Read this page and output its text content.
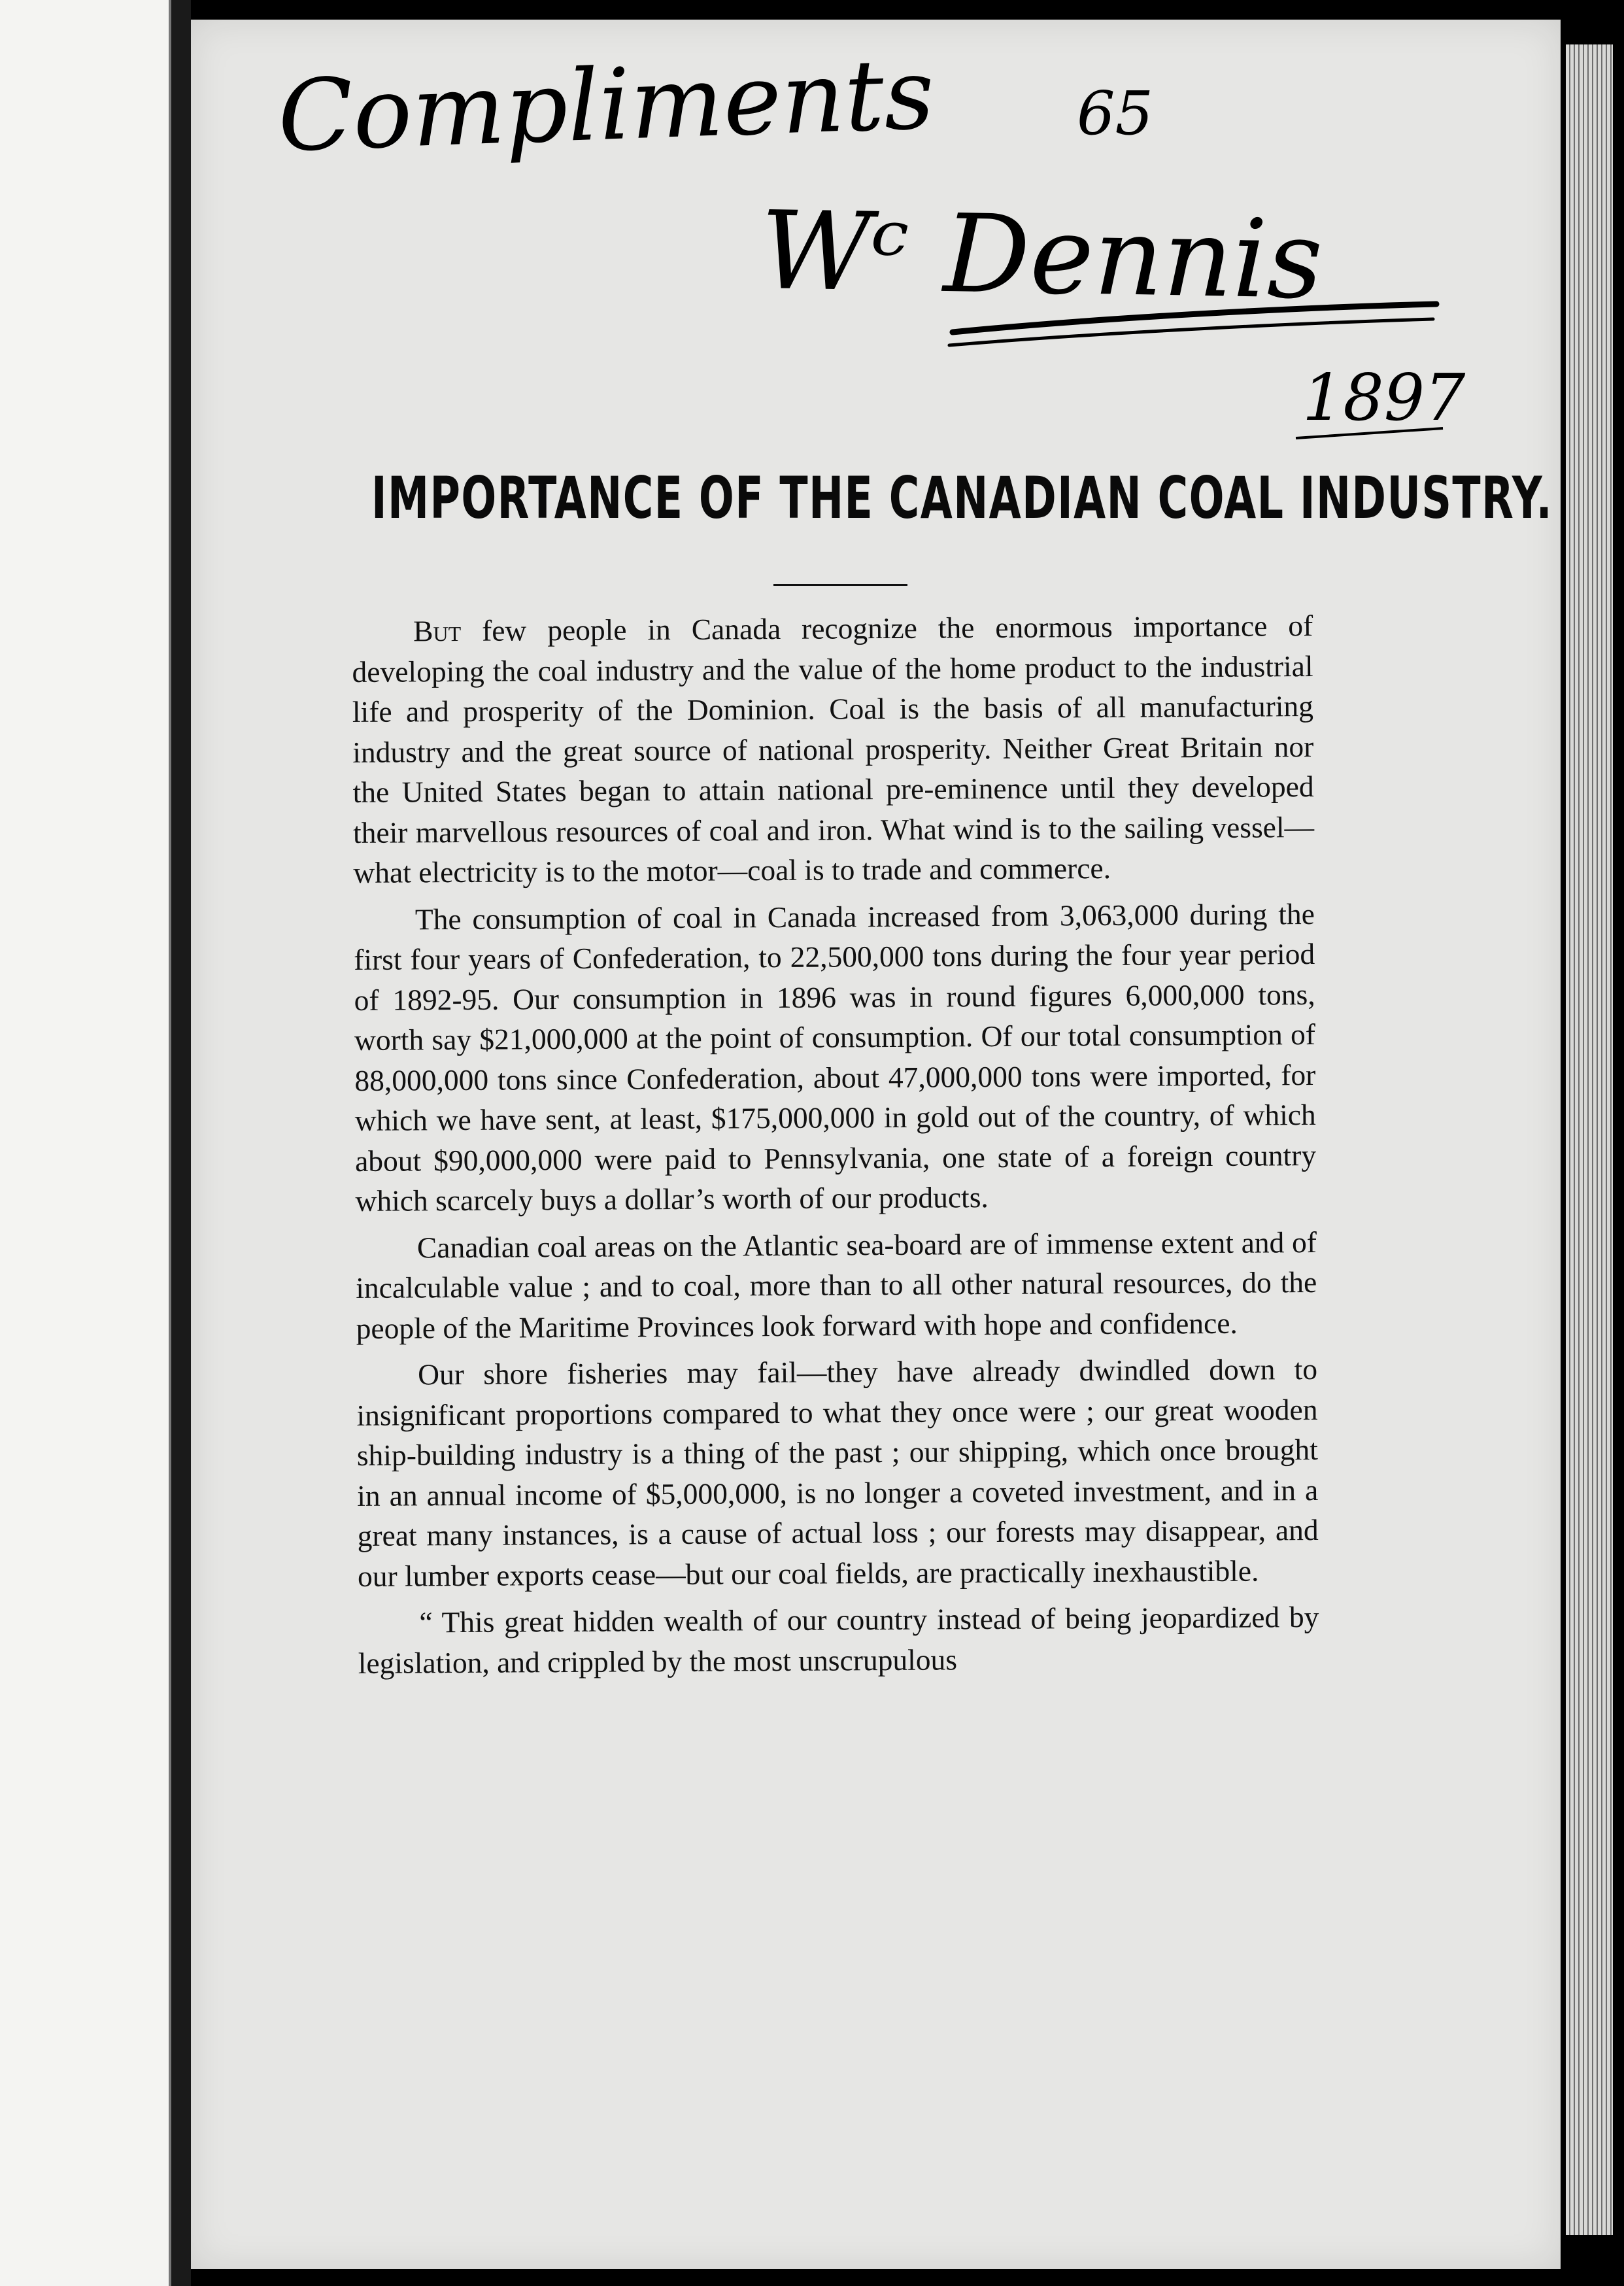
Compliments 65
Wᶜ Dennis
1897
IMPORTANCE OF THE CANADIAN COAL INDUSTRY.

But few people in Canada recognize the enormous importance of developing the coal industry and the value of the home product to the industrial life and prosperity of the Dominion. Coal is the basis of all manufacturing industry and the great source of national prosperity. Neither Great Britain nor the United States began to attain national pre-eminence until they developed their marvellous resources of coal and iron. What wind is to the sailing vessel—what electricity is to the motor—coal is to trade and commerce.

The consumption of coal in Canada increased from 3,063,000 during the first four years of Confederation, to 22,500,000 tons during the four year period of 1892-95. Our consumption in 1896 was in round figures 6,000,000 tons, worth say $21,000,000 at the point of consumption. Of our total consumption of 88,000,000 tons since Confederation, about 47,000,000 tons were imported, for which we have sent, at least, $175,000,000 in gold out of the country, of which about $90,000,000 were paid to Pennsylvania, one state of a foreign country which scarcely buys a dollar’s worth of our products.

Canadian coal areas on the Atlantic sea-board are of immense extent and of incalculable value ; and to coal, more than to all other natural resources, do the people of the Maritime Provinces look forward with hope and confidence.

Our shore fisheries may fail—they have already dwindled down to insignificant proportions compared to what they once were ; our great wooden ship-building industry is a thing of the past ; our shipping, which once brought in an annual income of $5,000,000, is no longer a coveted investment, and in a great many instances, is a cause of actual loss ; our forests may disappear, and our lumber exports cease—but our coal fields, are practically inexhaustible.

“ This great hidden wealth of our country instead of being jeopardized by legislation, and crippled by the most unscrupulous
